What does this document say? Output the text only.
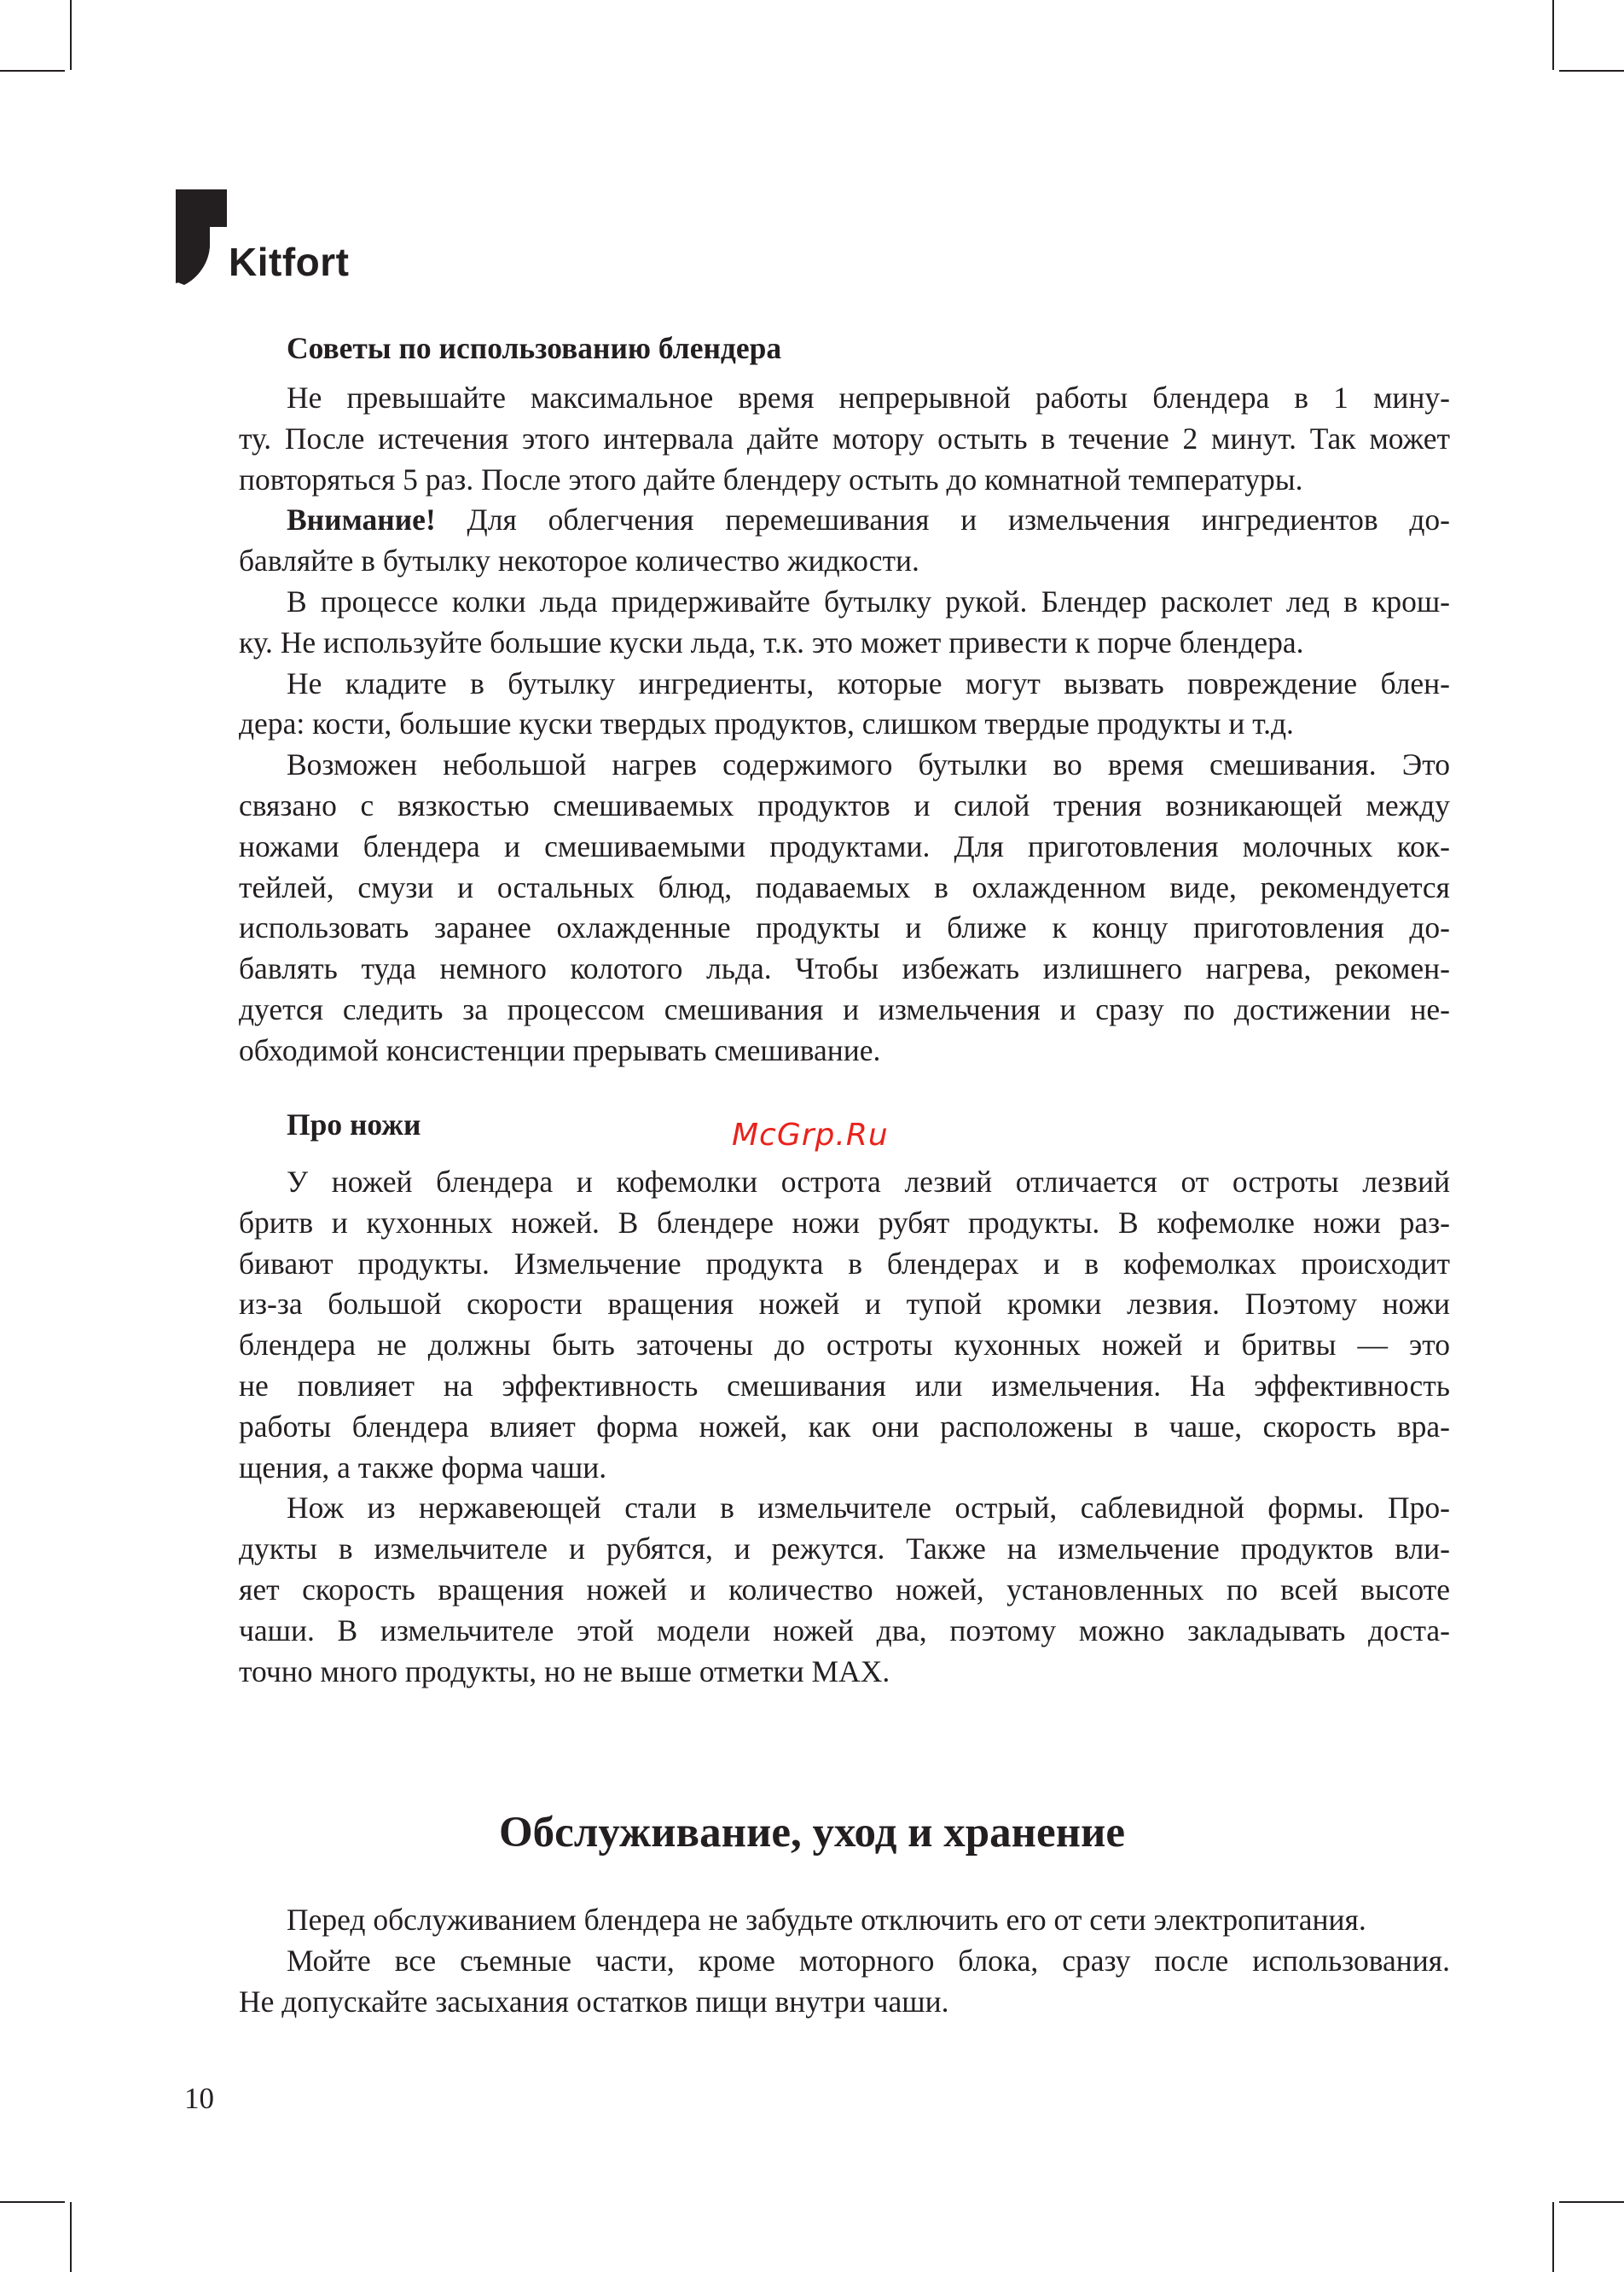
Kitfort
Советы по использованию блендера

Не превышайте максимальное время непрерывной работы блендера в 1 мину-

ту. После истечения этого интервала дайте мотору остыть в течение 2 минут. Так может
повторяться 5 раз. После этого дайте блендеру остыть до комнатной температуры.

Внимание! Для облегчения перемешивания и измельчения ингредиентов до-
бавляйте в бутылку некоторое количество жидкости.

В процессе колки льда придерживайте бутылку рукой. Блендер расколет лед в крош-
ку. Не используйте большие куски льда, т.к. это может привести к порче блендера.

Не кладите в бутылку ингредиенты, которые могут вызвать повреждение блен-
дера: кости, большие куски твердых продуктов, слишком твердые продукты и т.д.

Возможен небольшой нагрев содержимого бутылки во время смешивания. Это
связано с вязкостью смешиваемых продуктов и силой трения возникающей между
ножами блендера и смешиваемыми продуктами. Для приготовления молочных кок-
тейлей, смузи и остальных блюд, подаваемых в охлажденном виде, рекомендуется
использовать заранее охлажденные продукты и ближе к концу приготовления до-
бавлять туда немного колотого льда. Чтобы избежать излишнего нагрева, рекомен-
дуется следить за процессом смешивания и измельчения и сразу по достижении не-
обходимой консистенции прерывать смешивание.

Про ножи	McGrp.Ru

У ножей блендера и кофемолки острота лезвий отличается от остроты лезвий
бритв и кухонных ножей. В блендере ножи рубят продукты. В кофемолке ножи раз-
бивают продукты. Измельчение продукта в блендерах и в кофемолках происходит
из-за большой скорости вращения ножей и тупой кромки лезвия. Поэтому ножи
блендера не должны быть заточены до остроты кухонных ножей и бритвы — это
не повлияет на эффективность смешивания или измельчения. На эффективность
работы блендера влияет форма ножей, как они расположены в чаше, скорость вра-
щения, а также форма чаши.

Нож из нержавеющей стали в измельчителе острый, саблевидной формы. Про-
дукты в измельчителе и рубятся, и режутся. Также на измельчение продуктов вли-
яет скорость вращения ножей и количество ножей, установленных по всей высоте
чаши. В измельчителе этой модели ножей два, поэтому можно закладывать доста-
точно много продукты, но не выше отметки MAX.

Обслуживание, уход и хранение

Перед обслуживанием блендера не забудьте отключить его от сети электропитания.

Мойте все съемные части, кроме моторного блока, сразу после использования.
Не допускайте засыхания остатков пищи внутри чаши.

10
